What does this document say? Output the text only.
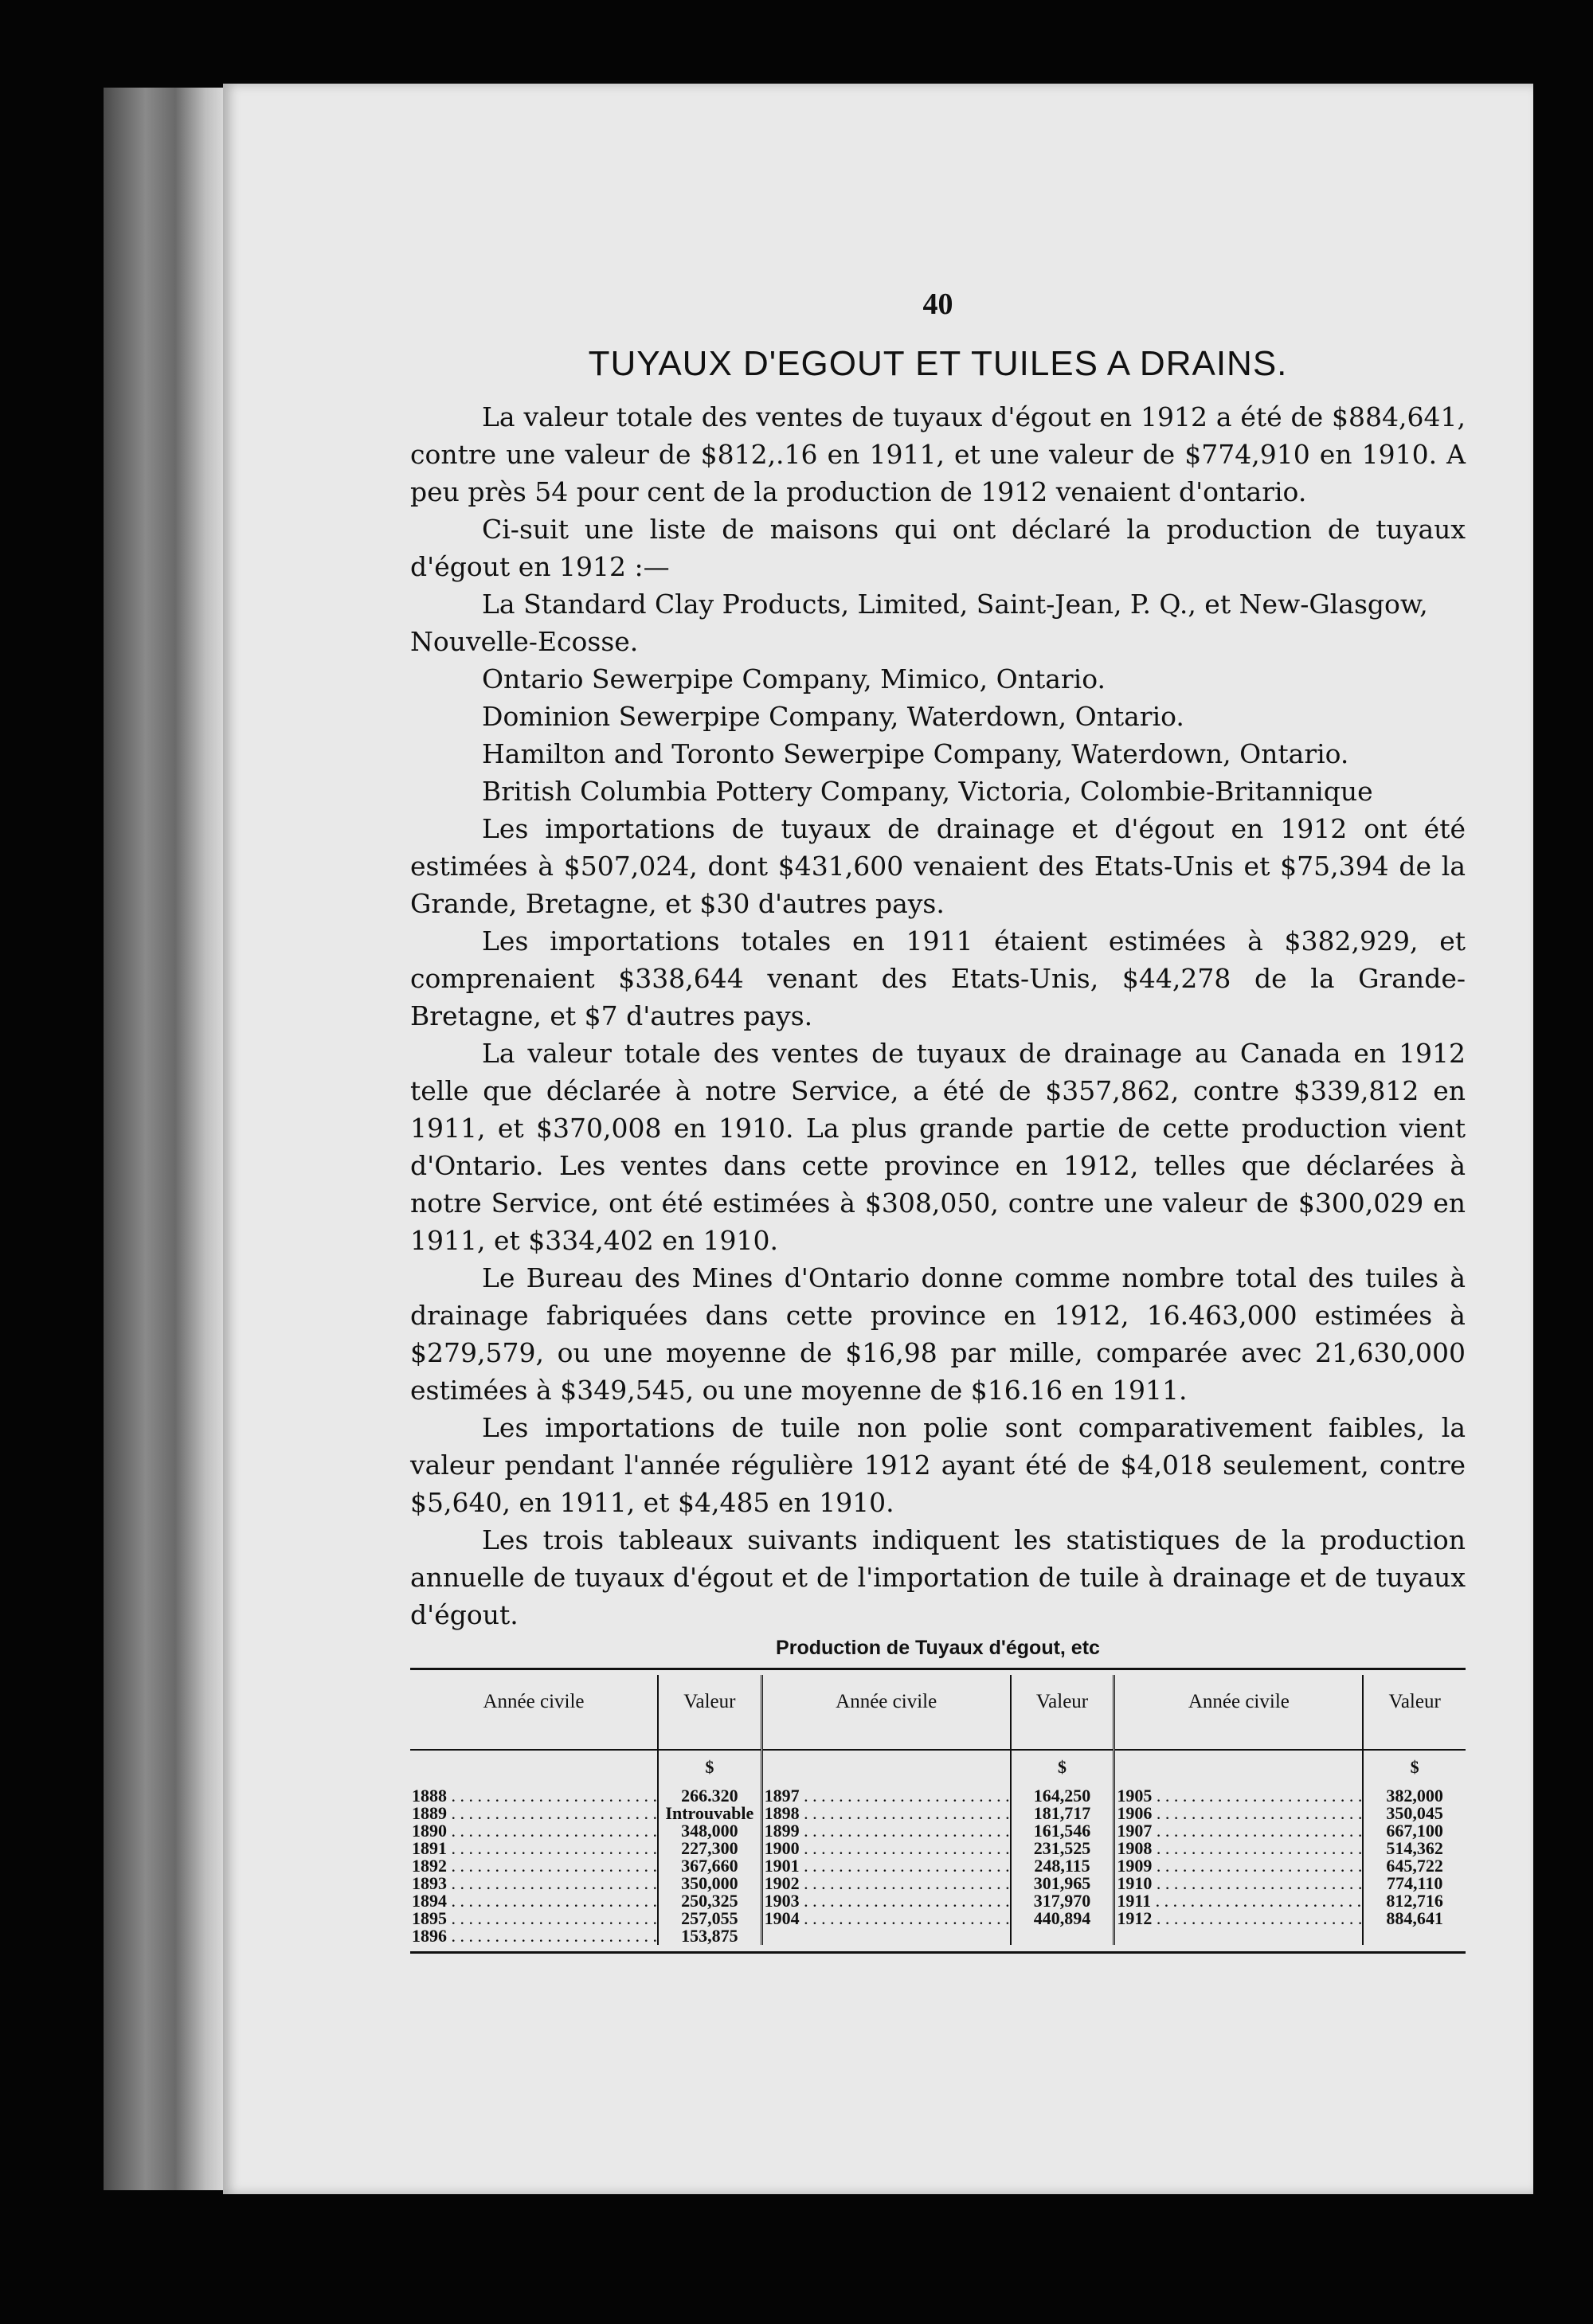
40
TUYAUX D'EGOUT ET TUILES A DRAINS.

La valeur totale des ventes de tuyaux d'égout en 1912 a été de $884,641, contre une valeur de $812,.16 en 1911, et une valeur de $774,910 en 1910. A peu près 54 pour cent de la production de 1912 venaient d'ontario.

Ci-suit une liste de maisons qui ont déclaré la production de tuyaux d'égout en 1912 :—

La Standard Clay Products, Limited, Saint-Jean, P. Q., et New-Glasgow, Nouvelle-Ecosse.

Ontario Sewerpipe Company, Mimico, Ontario.

Dominion Sewerpipe Company, Waterdown, Ontario.

Hamilton and Toronto Sewerpipe Company, Waterdown, Ontario.

British Columbia Pottery Company, Victoria, Colombie-Britannique

Les importations de tuyaux de drainage et d'égout en 1912 ont été estimées à $507,024, dont $431,600 venaient des Etats-Unis et $75,394 de la Grande, Bretagne, et $30 d'autres pays.

Les importations totales en 1911 étaient estimées à $382,929, et comprenaient $338,644 venant des Etats-Unis, $44,278 de la Grande-Bretagne, et $7 d'autres pays.

La valeur totale des ventes de tuyaux de drainage au Canada en 1912 telle que déclarée à notre Service, a été de $357,862, contre $339,812 en 1911, et $370,008 en 1910. La plus grande partie de cette production vient d'Ontario. Les ventes dans cette province en 1912, telles que déclarées à notre Service, ont été estimées à $308,050, contre une valeur de $300,029 en 1911, et $334,402 en 1910.

Le Bureau des Mines d'Ontario donne comme nombre total des tuiles à drainage fabriquées dans cette province en 1912, 16.463,000 estimées à $279,579, ou une moyenne de $16,98 par mille, comparée avec 21,630,000 estimées à $349,545, ou une moyenne de $16.16 en 1911.

Les importations de tuile non polie sont comparativement faibles, la valeur pendant l'année régulière 1912 ayant été de $4,018 seulement, contre $5,640, en 1911, et $4,485 en 1910.

Les trois tableaux suivants indiquent les statistiques de la production annuelle de tuyaux d'égout et de l'importation de tuile à drainage et de tuyaux d'égout.

Production de Tuyaux d'égout, etc
Année civile
1888 . . .
1889 . . .
1890 . . .
1891 . . .
1892 . . .
1893 . . .
1894 . . .
1895 . . .
1896 . . .
Valeur
$
266.320
Introuvable
348,000
227,300
367,660
350,000
250,325
257,055
153,875
Année civile
1897 . . .
1898 . . .
1899 . . .
1900 . . .
1901 . . .
1902 . . .
1903 . . .
1904 . . .
Valeur
$
164,250
181,717
161,546
231,525
248,115
301,965
317,970
440,894
Année civile
1905 . . .
1906 . . .
1907 . . .
1908 . . .
1909 . . .
1910 . . .
1911 . . .
1912 . . .
Valeur
$
382,000
350,045
667,100
514,362
645,722
774,110
812,716
884,641
